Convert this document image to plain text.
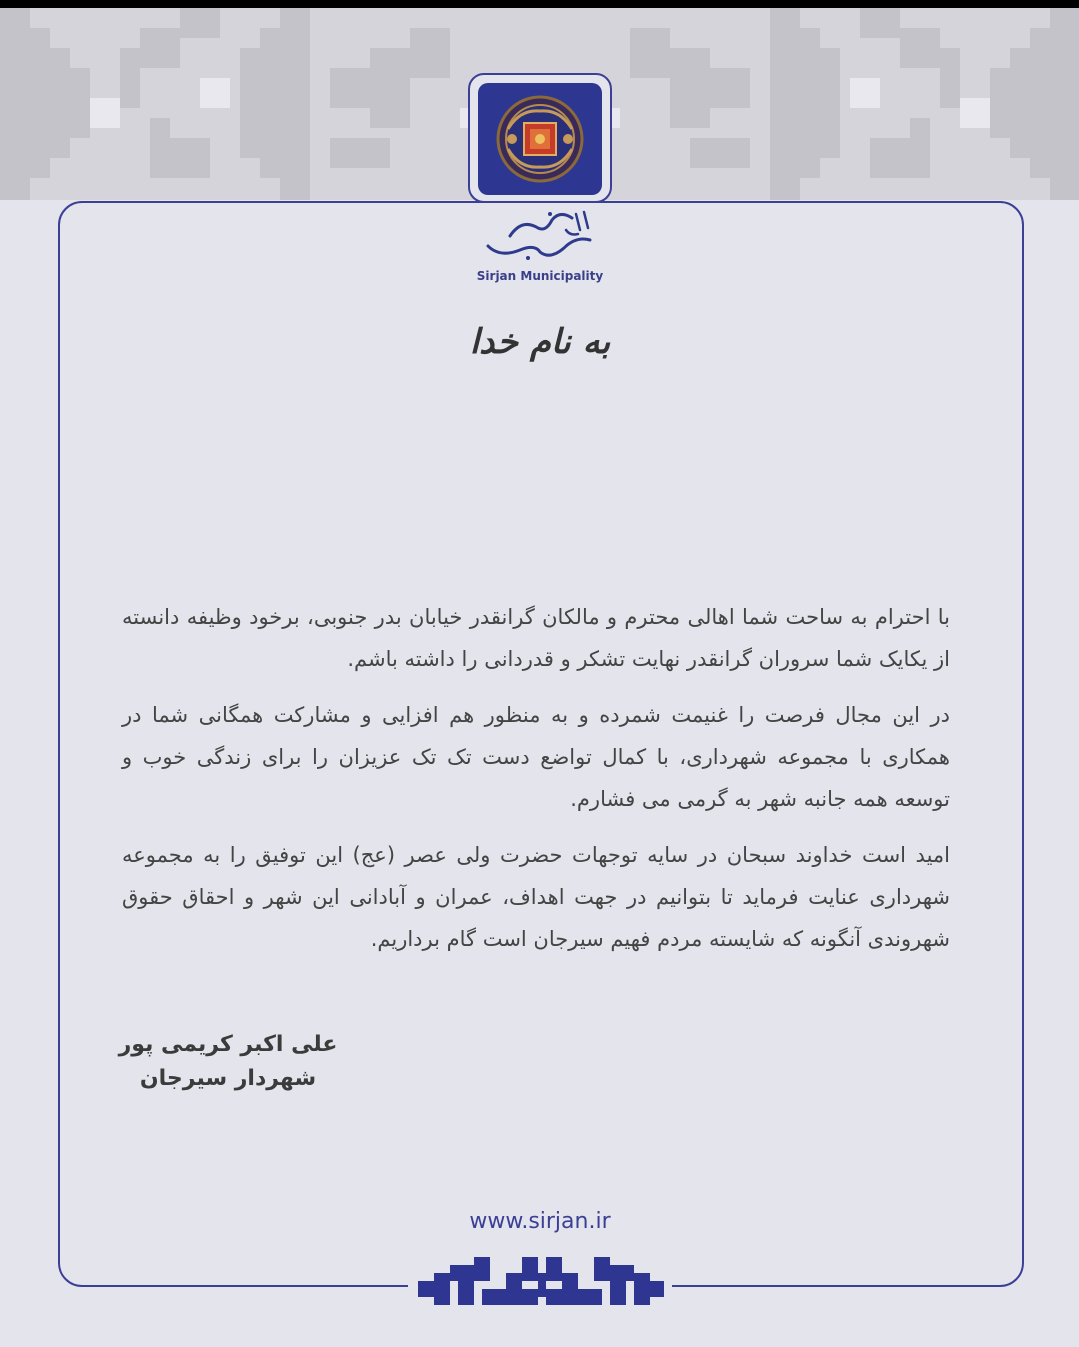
Sirjan Municipality
به نام خدا

با احترام به ساحت شما اهالی محترم و مالکان گرانقدر خیابان بدر جنوبی، برخود وظیفه دانسته از یکایک شما سروران گرانقدر نهایت تشکر و قدردانی را داشته باشم.

در این مجال فرصت را غنیمت شمرده و به منظور هم افزایی و مشارکت همگانی شما در همکاری با مجموعه شهرداری، با کمال تواضع دست تک تک عزیزان را برای زندگی خوب و توسعه همه جانبه شهر به گرمی می فشارم.

امید است خداوند سبحان در سایه توجهات حضرت ولی عصر (عج) این توفیق را به مجموعه شهرداری عنایت فرماید تا بتوانیم در جهت اهداف، عمران و آبادانی این شهر و احقاق حقوق شهروندی آنگونه که شایسته مردم فهیم سیرجان است گام برداریم.

علی اکبر کریمی پور
شهردار سیرجان
www.sirjan.ir
